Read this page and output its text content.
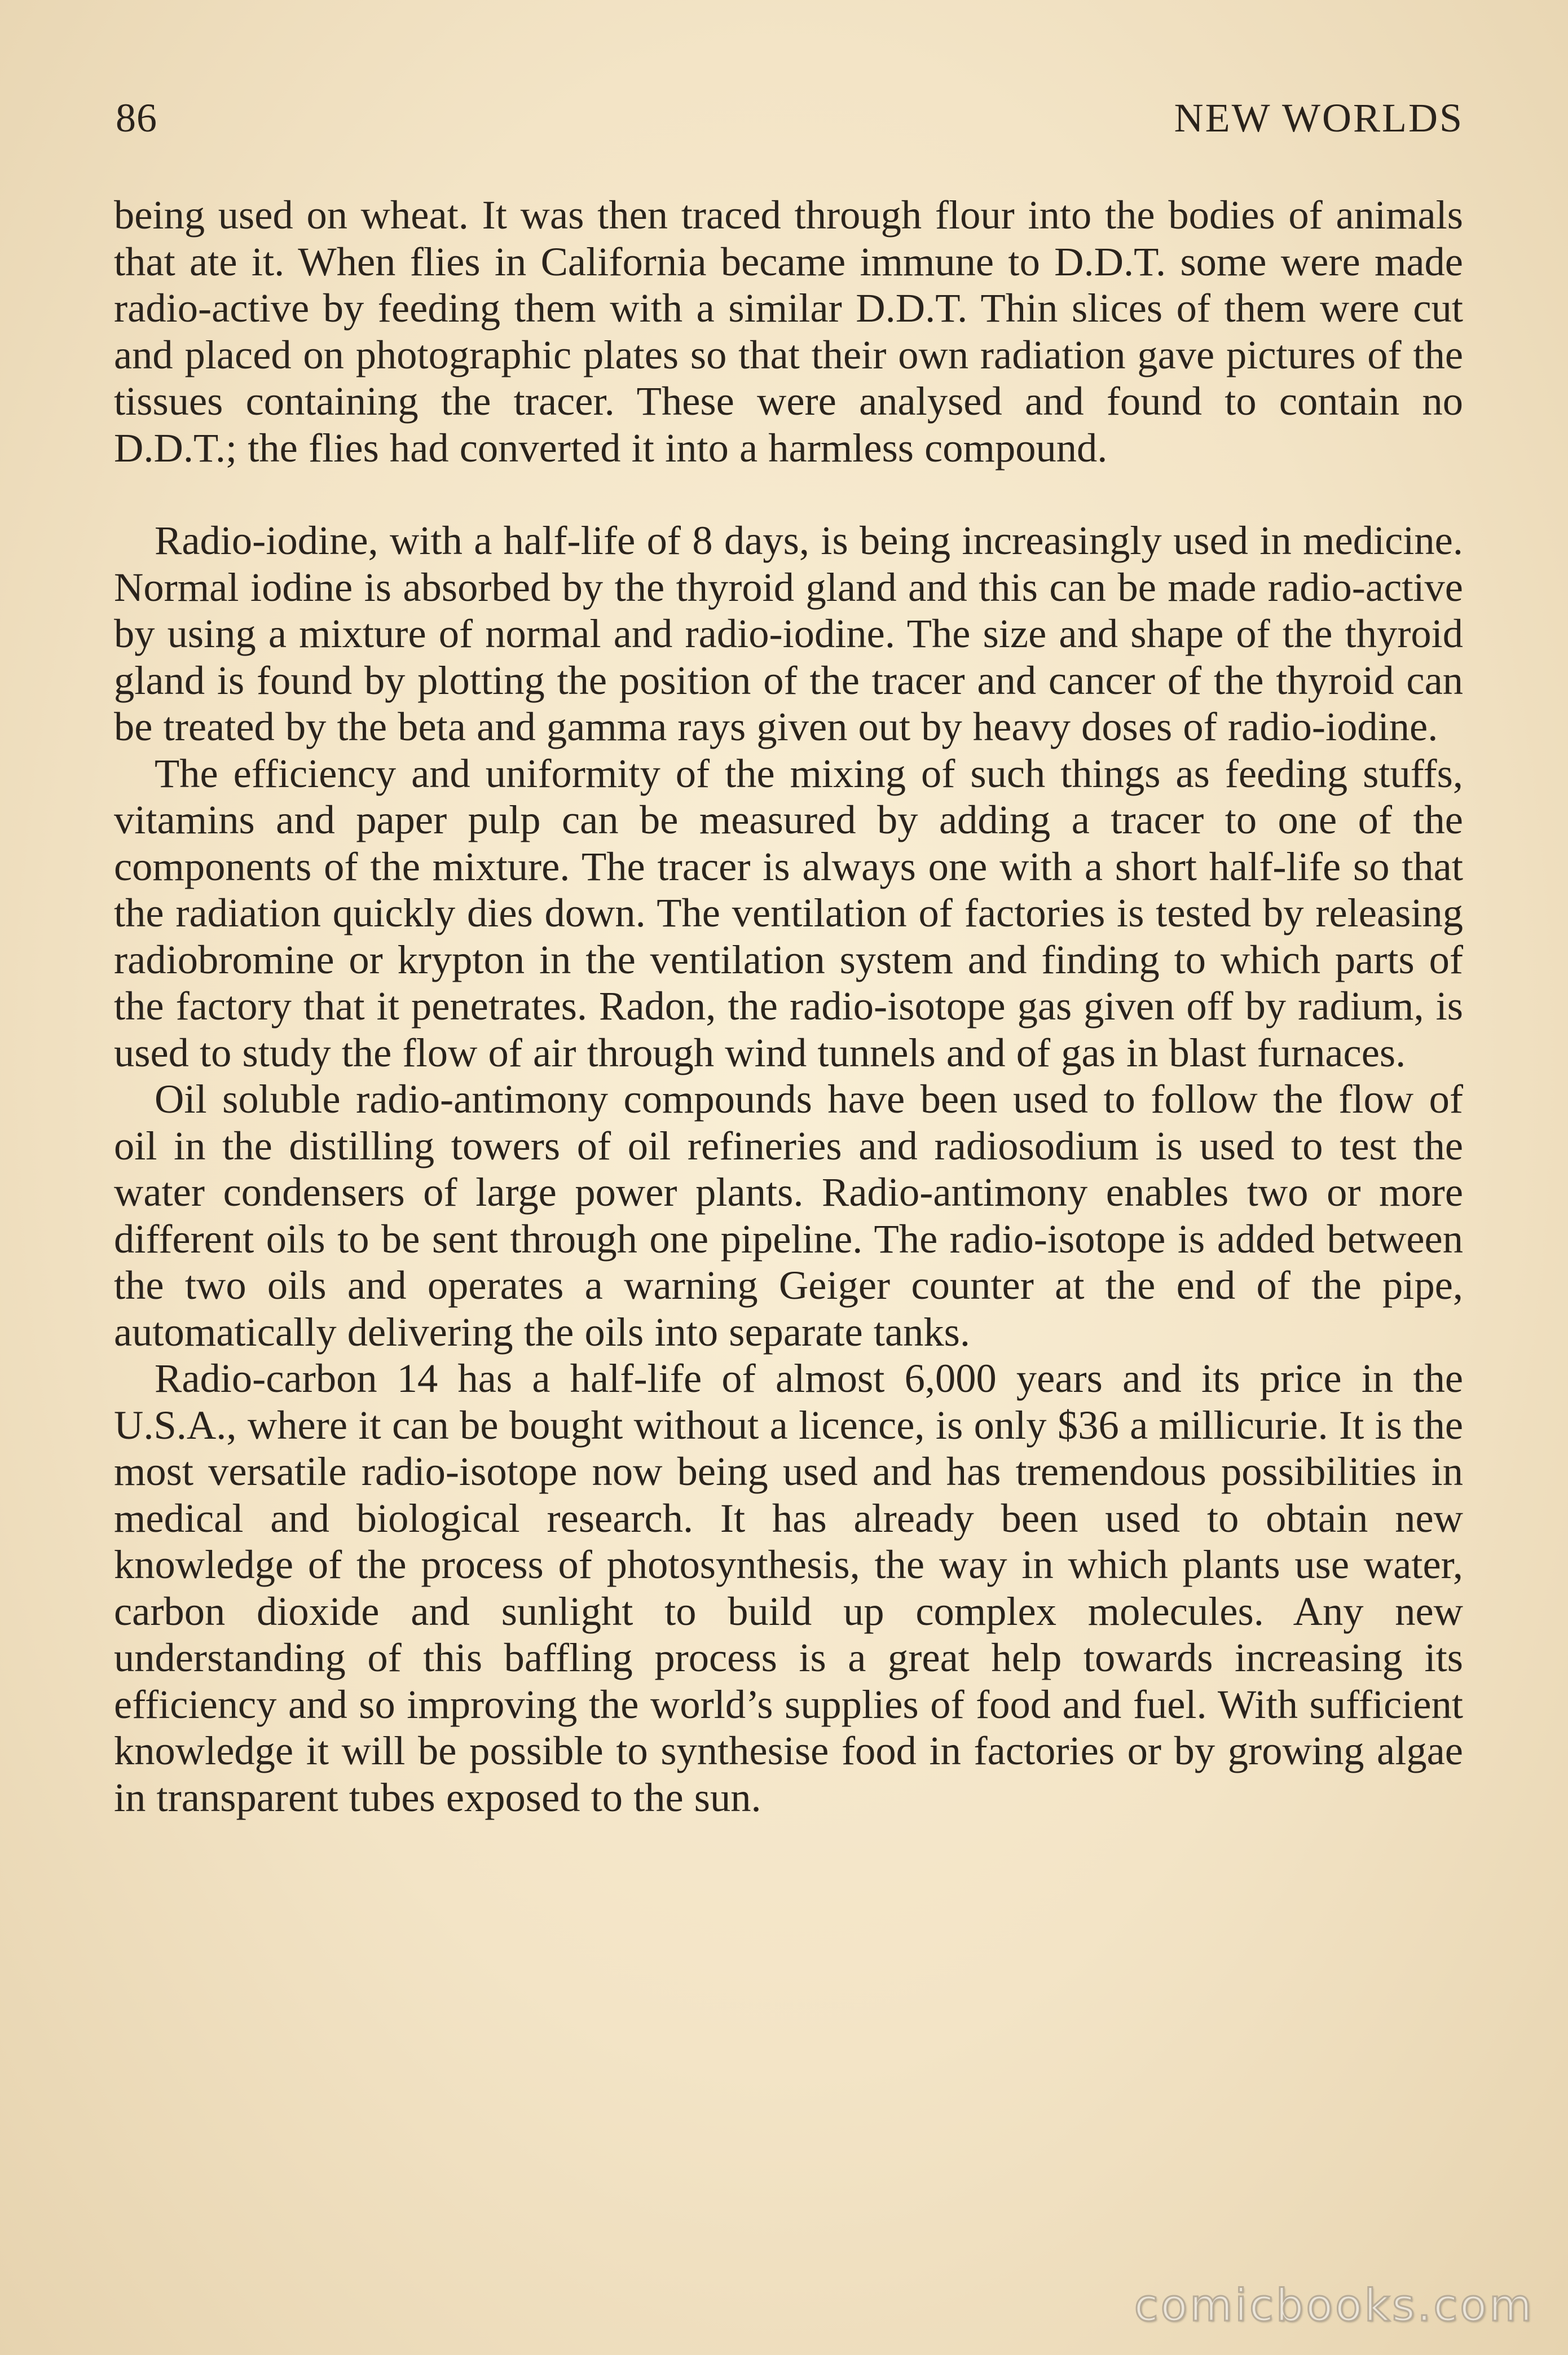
86	NEW WORLDS

being used on wheat. It was then traced through flour into the bodies of animals that ate it. When flies in California became immune to D.D.T. some were made radio-active by feeding them with a similar D.D.T. Thin slices of them were cut and placed on photographic plates so that their own radiation gave pictures of the tissues containing the tracer. These were analysed and found to contain no D.D.T.; the flies had converted it into a harmless compound.

Radio-iodine, with a half-life of 8 days, is being increasingly used in medicine. Normal iodine is absorbed by the thyroid gland and this can be made radio-active by using a mixture of normal and radio-iodine. The size and shape of the thyroid gland is found by plotting the position of the tracer and cancer of the thyroid can be treated by the beta and gamma rays given out by heavy doses of radio-iodine.

The efficiency and uniformity of the mixing of such things as feeding stuffs, vitamins and paper pulp can be measured by adding a tracer to one of the components of the mixture. The tracer is always one with a short half-life so that the radiation quickly dies down. The ventilation of factories is tested by releasing radiobromine or krypton in the ventilation system and finding to which parts of the factory that it penetrates. Radon, the radio-isotope gas given off by radium, is used to study the flow of air through wind tunnels and of gas in blast furnaces.

Oil soluble radio-antimony compounds have been used to follow the flow of oil in the distilling towers of oil refineries and radiosodium is used to test the water condensers of large power plants. Radio-antimony enables two or more different oils to be sent through one pipeline. The radio-isotope is added between the two oils and operates a warning Geiger counter at the end of the pipe, automatically delivering the oils into separate tanks.

Radio-carbon 14 has a half-life of almost 6,000 years and its price in the U.S.A., where it can be bought without a licence, is only $36 a millicurie. It is the most versatile radio-isotope now being used and has tremendous possibilities in medical and biological research. It has already been used to obtain new knowledge of the process of photosynthesis, the way in which plants use water, carbon dioxide and sunlight to build up complex molecules. Any new understanding of this baffling process is a great help towards increasing its efficiency and so improving the world’s supplies of food and fuel. With sufficient knowledge it will be possible to synthesise food in factories or by growing algae in transparent tubes exposed to the sun.

comicbooks.com
